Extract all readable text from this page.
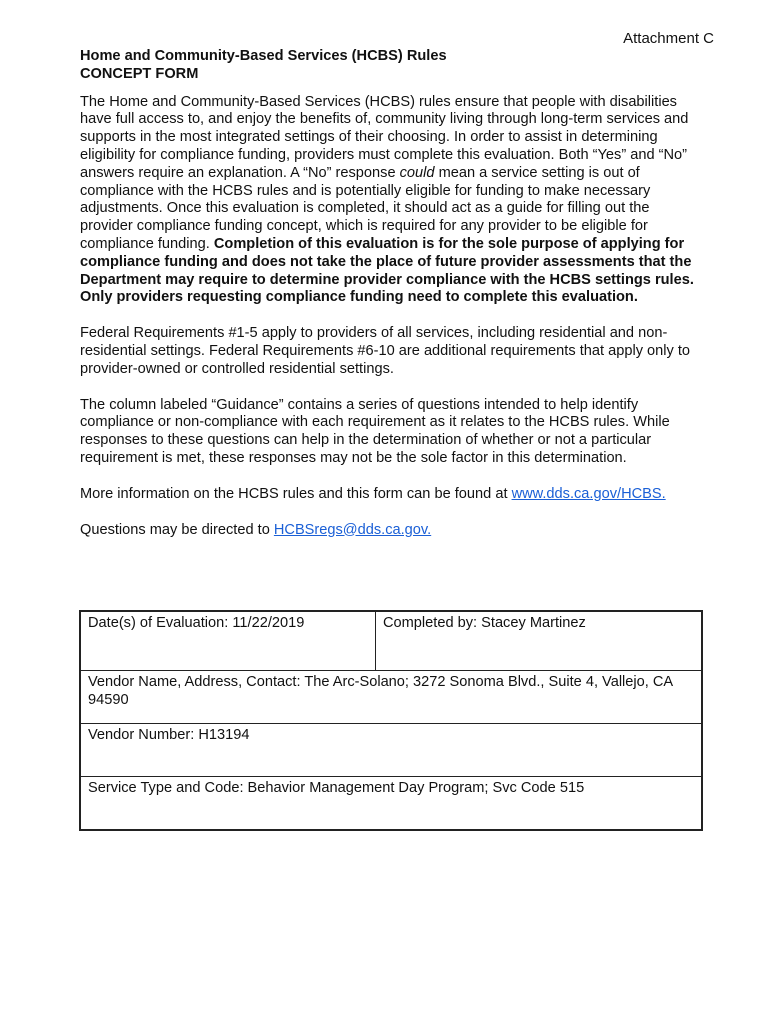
Attachment C
Home and Community-Based Services (HCBS) Rules
CONCEPT FORM

The Home and Community-Based Services (HCBS) rules ensure that people with disabilities have full access to, and enjoy the benefits of, community living through long-term services and supports in the most integrated settings of their choosing. In order to assist in determining eligibility for compliance funding, providers must complete this evaluation. Both “Yes” and “No” answers require an explanation. A “No” response could mean a service setting is out of compliance with the HCBS rules and is potentially eligible for funding to make necessary adjustments. Once this evaluation is completed, it should act as a guide for filling out the provider compliance funding concept, which is required for any provider to be eligible for compliance funding. Completion of this evaluation is for the sole purpose of applying for compliance funding and does not take the place of future provider assessments that the Department may require to determine provider compliance with the HCBS settings rules. Only providers requesting compliance funding need to complete this evaluation.

Federal Requirements #1-5 apply to providers of all services, including residential and non-residential settings. Federal Requirements #6-10 are additional requirements that apply only to provider-owned or controlled residential settings.

The column labeled “Guidance” contains a series of questions intended to help identify compliance or non-compliance with each requirement as it relates to the HCBS rules. While responses to these questions can help in the determination of whether or not a particular requirement is met, these responses may not be the sole factor in this determination.

More information on the HCBS rules and this form can be found at www.dds.ca.gov/HCBS.

Questions may be directed to HCBSregs@dds.ca.gov.

Date(s) of Evaluation: 11/22/2019	Completed by: Stacey Martinez
Vendor Name, Address, Contact: The Arc-Solano; 3272 Sonoma Blvd., Suite 4, Vallejo, CA 94590
Vendor Number: H13194
Service Type and Code: Behavior Management Day Program; Svc Code 515
